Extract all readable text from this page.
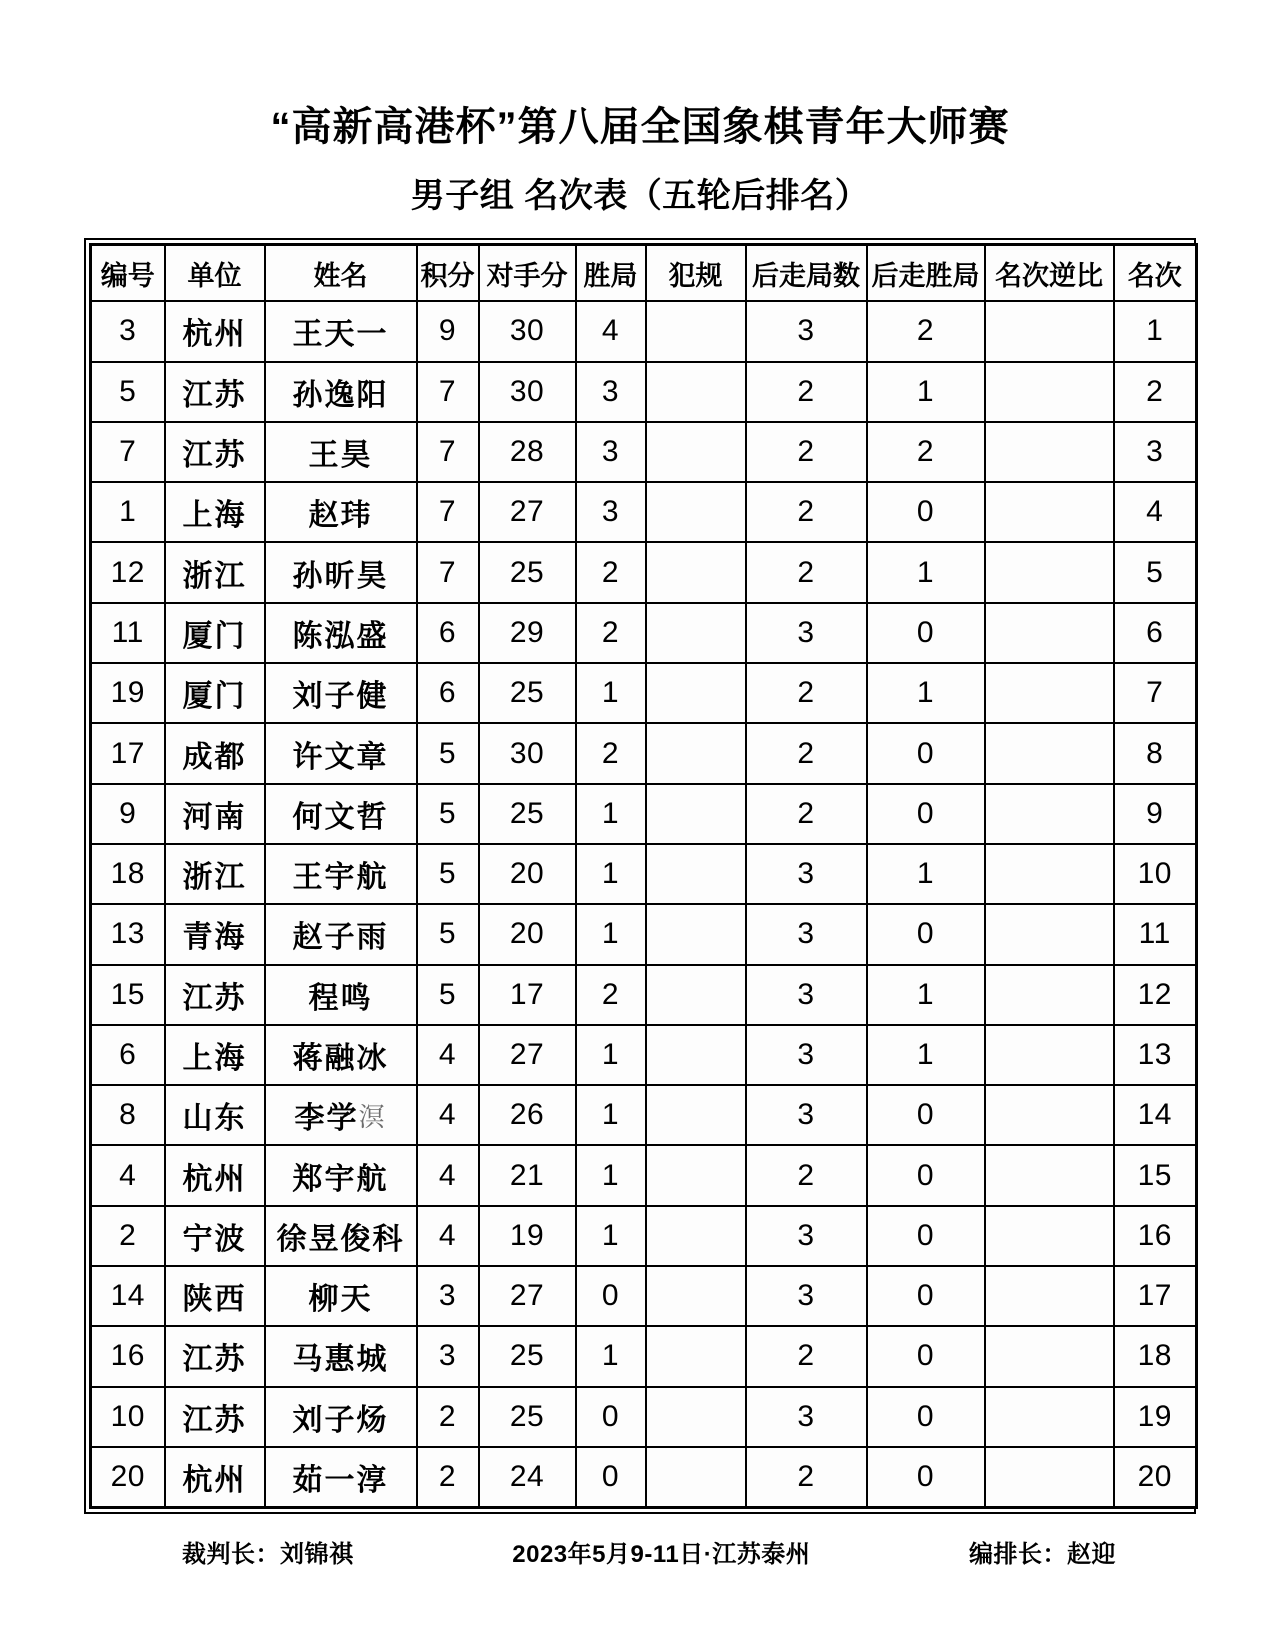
“高新高港杯”第八届全国象棋青年大师赛
男子组 名次表（五轮后排名）
编号	单位	姓名	积分	对手分	胜局	犯规	后走局数	后走胜局	名次逆比	名次
3	杭州	王天一	9	30	4		3	2		1
5	江苏	孙逸阳	7	30	3		2	1		2
7	江苏	王昊	7	28	3		2	2		3
1	上海	赵玮	7	27	3		2	0		4
12	浙江	孙昕昊	7	25	2		2	1		5
11	厦门	陈泓盛	6	29	2		3	0		6
19	厦门	刘子健	6	25	1		2	1		7
17	成都	许文章	5	30	2		2	0		8
9	河南	何文哲	5	25	1		2	0		9
18	浙江	王宇航	5	20	1		3	1		10
13	青海	赵子雨	5	20	1		3	0		11
15	江苏	程鸣	5	17	2		3	1		12
6	上海	蒋融冰	4	27	1		3	1		13
8	山东	李学溟	4	26	1		3	0		14
4	杭州	郑宇航	4	21	1		2	0		15
2	宁波	徐昱俊科	4	19	1		3	0		16
14	陕西	柳天	3	27	0		3	0		17
16	江苏	马惠城	3	25	1		2	0		18
10	江苏	刘子炀	2	25	0		3	0		19
20	杭州	茹一淳	2	24	0		2	0		20
裁判长：刘锦祺	2023年5月9-11日·江苏泰州	编排长：赵迎
